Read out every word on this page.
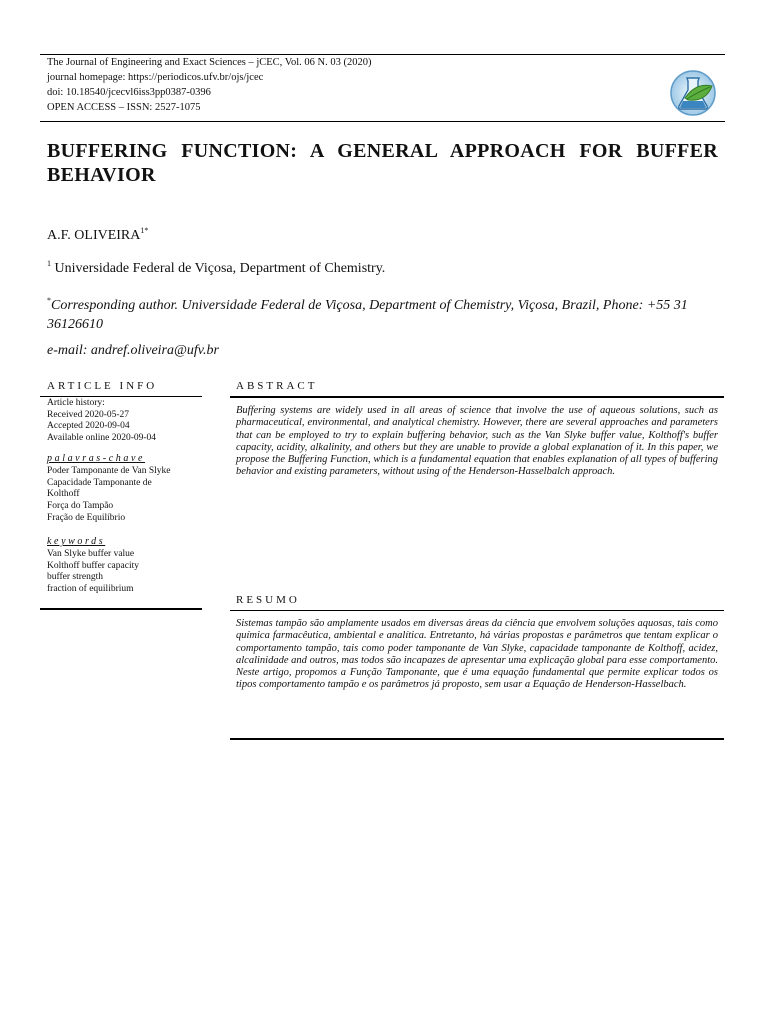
The Journal of Engineering and Exact Sciences – jCEC, Vol. 06 N. 03 (2020)
journal homepage: https://periodicos.ufv.br/ojs/jcec
doi: 10.18540/jcecvl6iss3pp0387-0396
OPEN ACCESS – ISSN: 2527-1075
BUFFERING FUNCTION: A GENERAL APPROACH FOR BUFFER
BEHAVIOR
A.F. $OLIVEIRA^{1*}$
$^1$ Universidade Federal de Viçosa, Department of Chemistry.
*Corresponding author. Universidade Federal de Viçosa, Department of Chemistry, Viçosa, Brazil, Phone: +55 31 36126610
e-mail: andref.oliveira@ufv.br
ARTICLE INFO
Article history:
Received 2020-05-27
Accepted 2020-09-04
Available online 2020-09-04
palavras-chave
Poder Tamponante de Van Slyke
Capacidade Tamponante de
Kolthoff
Força do Tampão
Fração de Equilíbrio
keywords
Van Slyke buffer value
Kolthoff buffer capacity
buffer strength
fraction of equilibrium
ABSTRACT
Buffering systems are widely used in all areas of science that involve the use of aqueous solutions, such as pharmaceutical, environmental, and analytical chemistry. However, there are several approaches and parameters that can be employed to try to explain buffering behavior, such as the Van Slyke buffer value, Kolthoff's buffer capacity, acidity, alkalinity, and others but they are unable to provide a global explanation of it. In this paper, we propose the Buffering Function, which is a fundamental equation that enables explanation of all types of buffering behavior and existing parameters, without using of the Henderson-Hasselbalch approach.
RESUMO
Sistemas tampão são amplamente usados em diversas áreas da ciência que envolvem soluções aquosas, tais como química farmacêutica, ambiental e analítica. Entretanto, há várias propostas e parâmetros que tentam explicar o comportamento tampão, tais como poder tamponante de Van Slyke, capacidade tamponante de Kolthoff, acidez, alcalinidade and outros, mas todos são incapazes de apresentar uma explicação global para esse comportamento. Neste artigo, propomos a Função Tamponante, que é uma equação fundamental que permite explicar todos os tipos comportamento tampão e os parâmetros já proposto, sem usar a Equação de Henderson-Hasselbach.
